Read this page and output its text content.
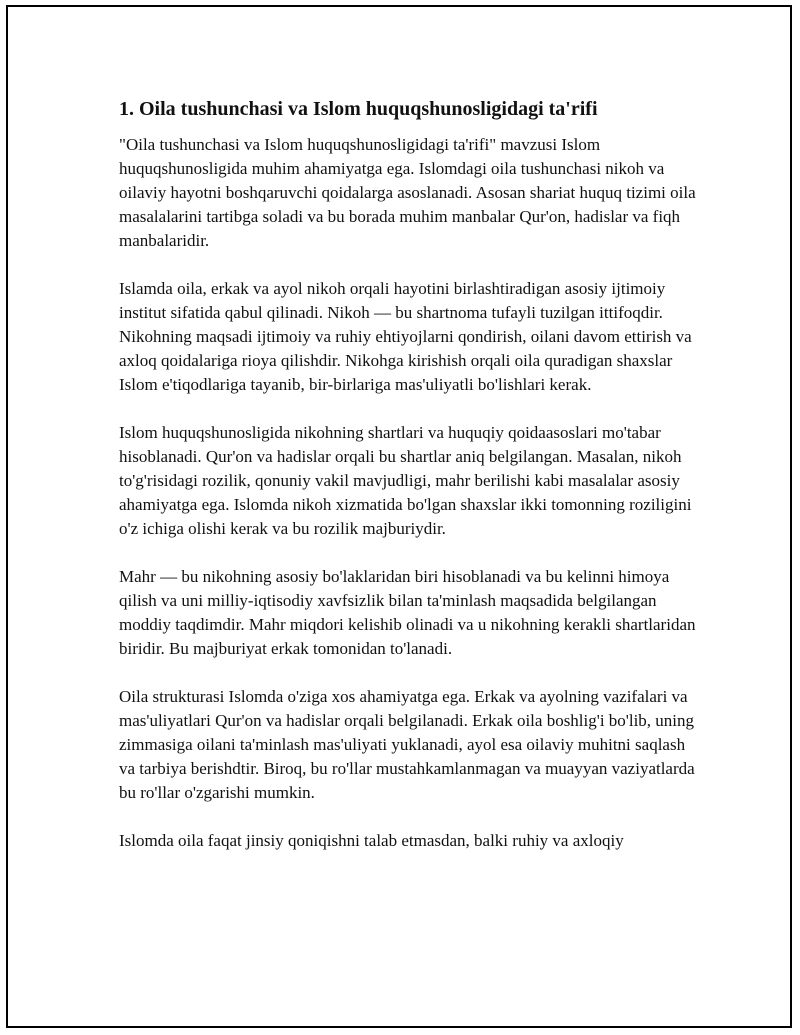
1. Oila tushunchasi va Islom huquqshunosligidagi ta'rifi

"Oila tushunchasi va Islom huquqshunosligidagi ta'rifi" mavzusi Islom huquqshunosligida muhim ahamiyatga ega. Islomdagi oila tushunchasi nikoh va oilaviy hayotni boshqaruvchi qoidalarga asoslanadi. Asosan shariat huquq tizimi oila masalalarini tartibga soladi va bu borada muhim manbalar Qur'on, hadislar va fiqh manbalaridir.

Islamda oila, erkak va ayol nikoh orqali hayotini birlashtiradigan asosiy ijtimoiy institut sifatida qabul qilinadi. Nikoh — bu shartnoma tufayli tuzilgan ittifoqdir. Nikohning maqsadi ijtimoiy va ruhiy ehtiyojlarni qondirish, oilani davom ettirish va axloq qoidalariga rioya qilishdir. Nikohga kirishish orqali oila quradigan shaxslar Islom e'tiqodlariga tayanib, bir-birlariga mas'uliyatli bo'lishlari kerak.

Islom huquqshunosligida nikohning shartlari va huquqiy qoidaasoslari mo'tabar hisoblanadi. Qur'on va hadislar orqali bu shartlar aniq belgilangan. Masalan, nikoh to'g'risidagi rozilik, qonuniy vakil mavjudligi, mahr berilishi kabi masalalar asosiy ahamiyatga ega. Islomda nikoh xizmatida bo'lgan shaxslar ikki tomonning roziligini o'z ichiga olishi kerak va bu rozilik majburiydir.

Mahr — bu nikohning asosiy bo'laklaridan biri hisoblanadi va bu kelinni himoya qilish va uni milliy-iqtisodiy xavfsizlik bilan ta'minlash maqsadida belgilangan moddiy taqdimdir. Mahr miqdori kelishib olinadi va u nikohning kerakli shartlaridan biridir. Bu majburiyat erkak tomonidan to'lanadi.

Oila strukturasi Islomda o'ziga xos ahamiyatga ega. Erkak va ayolning vazifalari va mas'uliyatlari Qur'on va hadislar orqali belgilanadi. Erkak oila boshlig'i bo'lib, uning zimmasiga oilani ta'minlash mas'uliyati yuklanadi, ayol esa oilaviy muhitni saqlash va tarbiya berishdtir. Biroq, bu ro'llar mustahkamlanmagan va muayyan vaziyatlarda bu ro'llar o'zgarishi mumkin.

Islomda oila faqat jinsiy qoniqishni talab etmasdan, balki ruhiy va axloqiy
